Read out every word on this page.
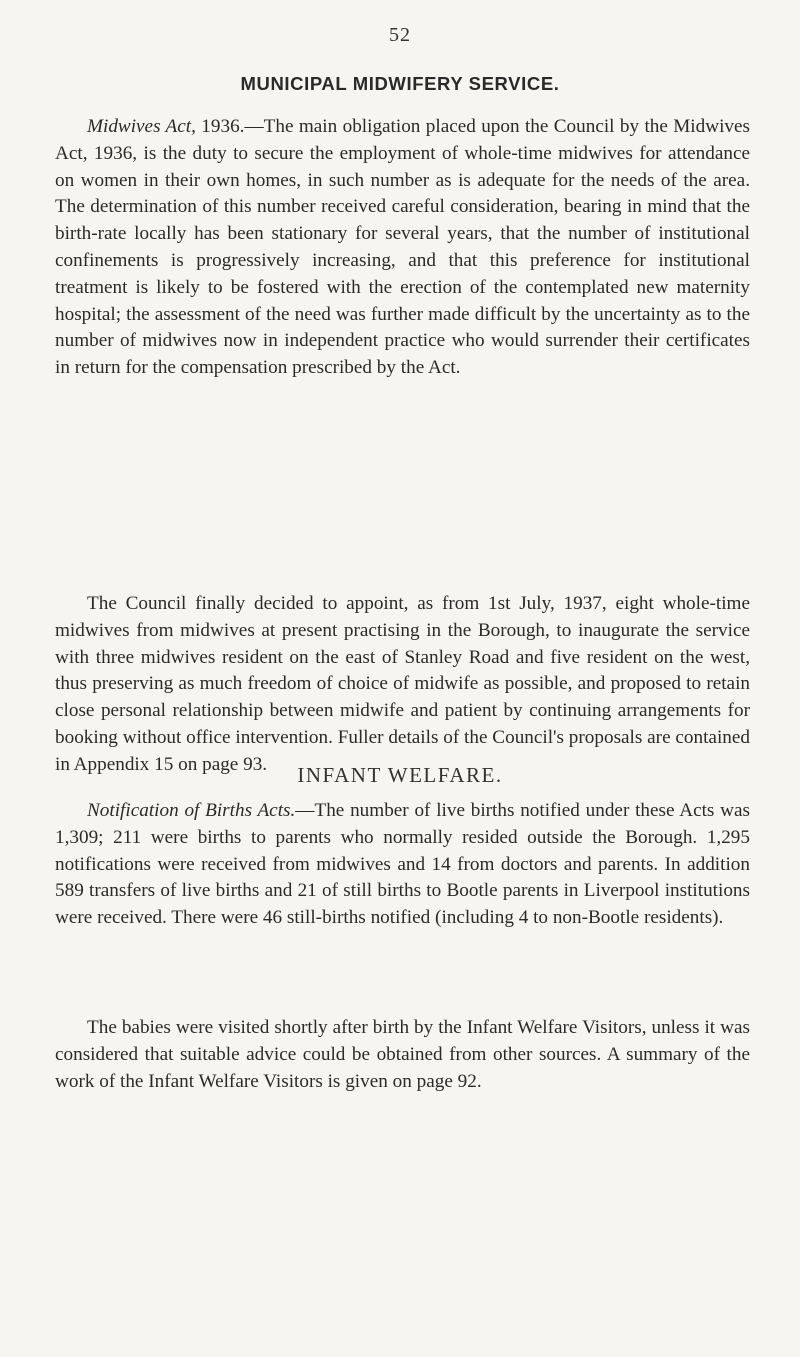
52
MUNICIPAL MIDWIFERY SERVICE.

Midwives Act, 1936.—The main obligation placed upon the Council by the Midwives Act, 1936, is the duty to secure the employment of whole-time midwives for attendance on women in their own homes, in such number as is adequate for the needs of the area. The determination of this number received careful consideration, bearing in mind that the birth-rate locally has been stationary for several years, that the number of institutional confinements is progressively increasing, and that this preference for institutional treatment is likely to be fostered with the erection of the contemplated new maternity hospital; the assessment of the need was further made difficult by the uncertainty as to the number of midwives now in independent practice who would surrender their certificates in return for the compensation prescribed by the Act.

The Council finally decided to appoint, as from 1st July, 1937, eight whole-time midwives from midwives at present practising in the Borough, to inaugurate the service with three midwives resident on the east of Stanley Road and five resident on the west, thus preserving as much freedom of choice of midwife as possible, and proposed to retain close personal relationship between midwife and patient by continuing arrangements for booking without office intervention. Fuller details of the Council's proposals are contained in Appendix 15 on page 93.	INFANT WELFARE.

Notification of Births Acts.—The number of live births notified under these Acts was 1,309; 211 were births to parents who normally resided outside the Borough. 1,295 notifications were received from midwives and 14 from doctors and parents. In addition 589 transfers of live births and 21 of still births to Bootle parents in Liverpool institutions were received. There were 46 still-births notified (including 4 to non-Bootle residents).

The babies were visited shortly after birth by the Infant Welfare Visitors, unless it was considered that suitable advice could be obtained from other sources. A summary of the work of the Infant Welfare Visitors is given on page 92.
